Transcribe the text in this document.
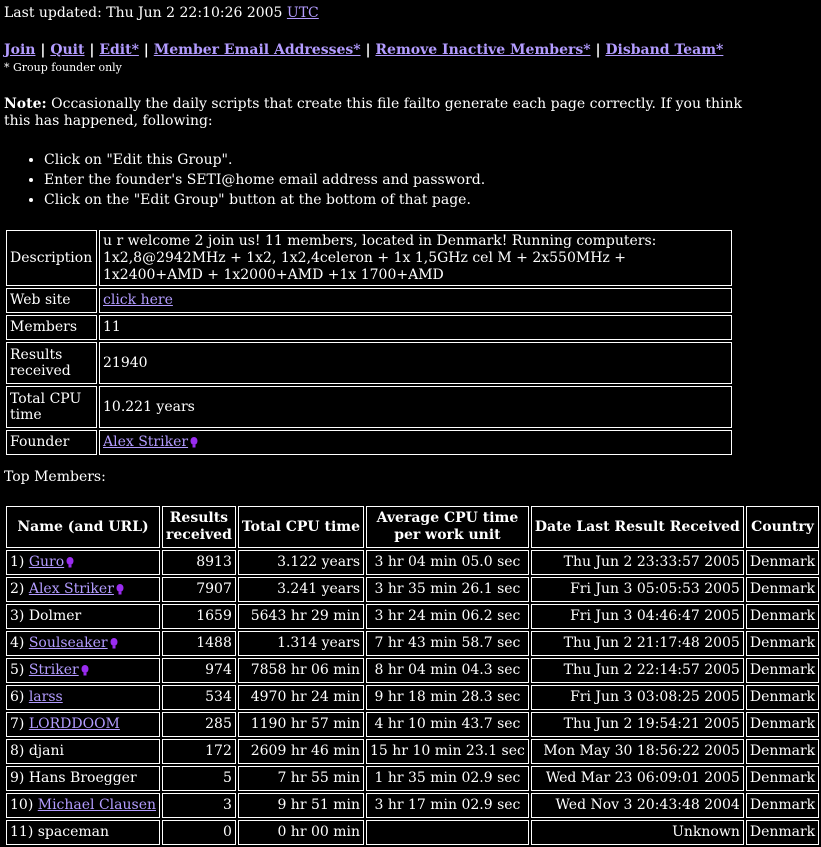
Last updated: Thu Jun 2 22:10:26 2005 UTC
Join | Quit | Edit* | Member Email Addresses* | Remove Inactive Members* | Disband Team*
* Group founder only
Note: Occasionally the daily scripts that create this file failto generate each page correctly. If you think this has happened, following:
• Click on "Edit this Group".
• Enter the founder's SETI@home email address and password.
• Click on the "Edit Group" button at the bottom of that page.
Description	u r welcome 2 join us! 11 members, located in Denmark! Running computers: 1x2,8@2942MHz + 1x2, 1x2,4celeron + 1x 1,5GHz cel M + 2x550MHz + 1x2400+AMD + 1x2000+AMD +1x 1700+AMD

Web site	click here
Members	11
Results received	21940
Total CPU time	10.221 years
Founder	Alex Striker
Top Members:
Name (and URL)	Results received	Total CPU time	Average CPU time per work unit	Date Last Result Received	Country
1) Guro	8913	3.122 years	3 hr 04 min 05.0 sec	Thu Jun 2 23:33:57 2005	Denmark
2) Alex Striker	7907	3.241 years	3 hr 35 min 26.1 sec	Fri Jun 3 05:05:53 2005	Denmark
3) Dolmer	1659	5643 hr 29 min	3 hr 24 min 06.2 sec	Fri Jun 3 04:46:47 2005	Denmark
4) Soulseaker	1488	1.314 years	7 hr 43 min 58.7 sec	Thu Jun 2 21:17:48 2005	Denmark
5) Striker	974	7858 hr 06 min	8 hr 04 min 04.3 sec	Thu Jun 2 22:14:57 2005	Denmark
6) larss	534	4970 hr 24 min	9 hr 18 min 28.3 sec	Fri Jun 3 03:08:25 2005	Denmark
7) LORDDOOM	285	1190 hr 57 min	4 hr 10 min 43.7 sec	Thu Jun 2 19:54:21 2005	Denmark
8) djani	172	2609 hr 46 min	15 hr 10 min 23.1 sec	Mon May 30 18:56:22 2005	Denmark
9) Hans Broegger	5	7 hr 55 min	1 hr 35 min 02.9 sec	Wed Mar 23 06:09:01 2005	Denmark
10) Michael Clausen	3	9 hr 51 min	3 hr 17 min 02.9 sec	Wed Nov 3 20:43:48 2004	Denmark
11) spaceman	0	0 hr 00 min		Unknown	Denmark
